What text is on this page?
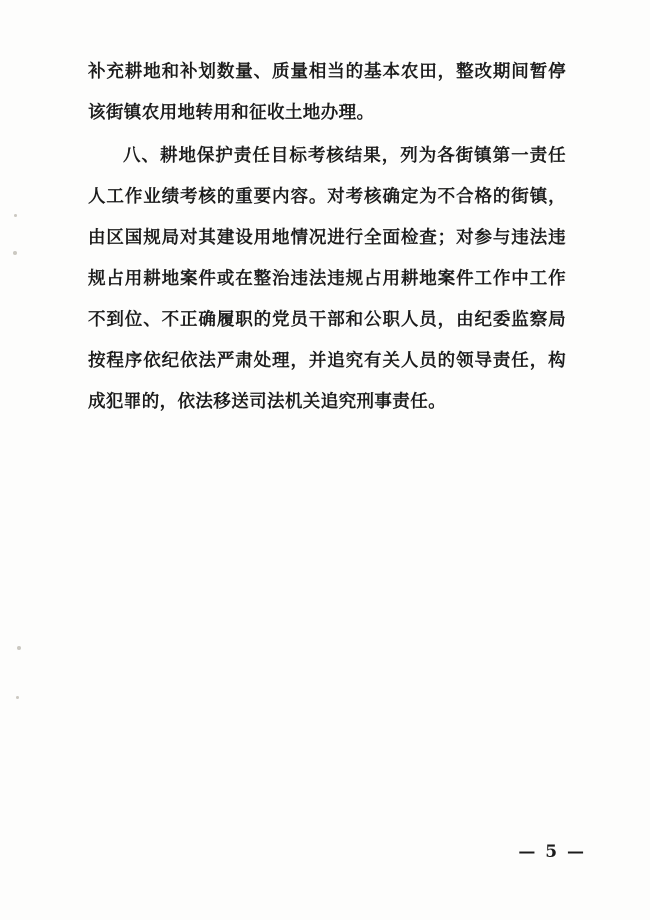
补充耕地和补划数量、质量相当的基本农田，整改期间暂停该街镇农用地转用和征收土地办理。

八、耕地保护责任目标考核结果，列为各街镇第一责任人工作业绩考核的重要内容。对考核确定为不合格的街镇，由区国规局对其建设用地情况进行全面检查；对参与违法违规占用耕地案件或在整治违法违规占用耕地案件工作中工作不到位、不正确履职的党员干部和公职人员，由纪委监察局按程序依纪依法严肃处理，并追究有关人员的领导责任，构成犯罪的，依法移送司法机关追究刑事责任。

— 5 —
